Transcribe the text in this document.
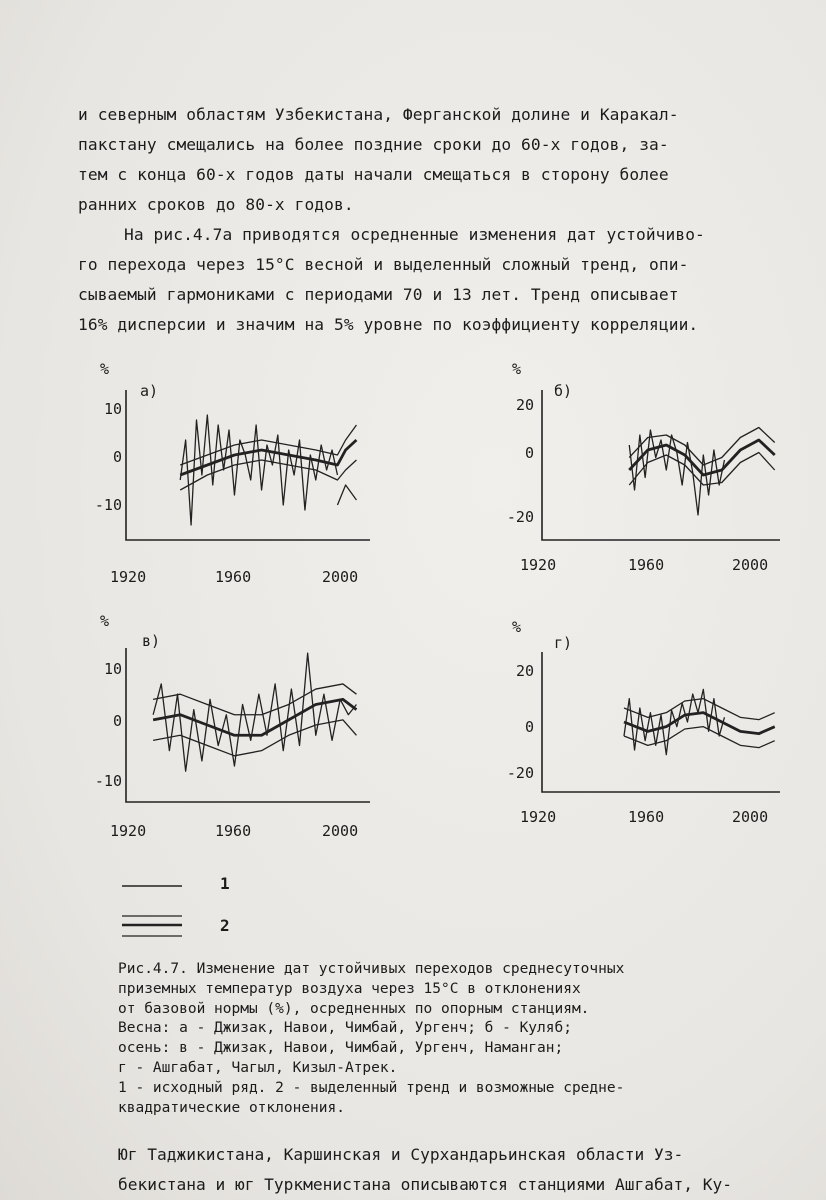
и северным областям Узбекистана, Ферганской долине и Каракал-
пакстану смещались на более поздние сроки до 60-х годов, за-
тем с конца 60-х годов даты начали смещаться в сторону более
ранних сроков до 80-х годов.
На рис.4.7а приводятся осредненные изменения дат устойчиво-
го перехода через 15°С весной и выделенный сложный тренд, опи-
сываемый гармониками с периодами 70 и 13 лет. Тренд описывает
16% дисперсии и значим на 5% уровне по коэффициенту корреляции.
%
а)
10
0
-10
1920	1960	2000
%
б)
20
0
-20
1920	1960	2000
%
в)
10
0
-10
1920	1960	2000
%
г)
20
0
-20
1920	1960	2000
1
2
Рис.4.7. Изменение дат устойчивых переходов среднесуточных
приземных температур воздуха через 15°С в отклонениях
от базовой нормы (%), осредненных по опорным станциям.
Весна: а - Джизак, Навои, Чимбай, Ургенч; б - Куляб;
осень: в - Джизак, Навои, Чимбай, Ургенч, Наманган;
г - Ашгабат, Чагыл, Кизыл-Атрек.
1 - исходный ряд. 2 - выделенный тренд и возможные средне-
квадратические отклонения.
Юг Таджикистана, Каршинская и Сурхандарьинская области Уз-
бекистана и юг Туркменистана описываются станциями Ашгабат, Ку-
